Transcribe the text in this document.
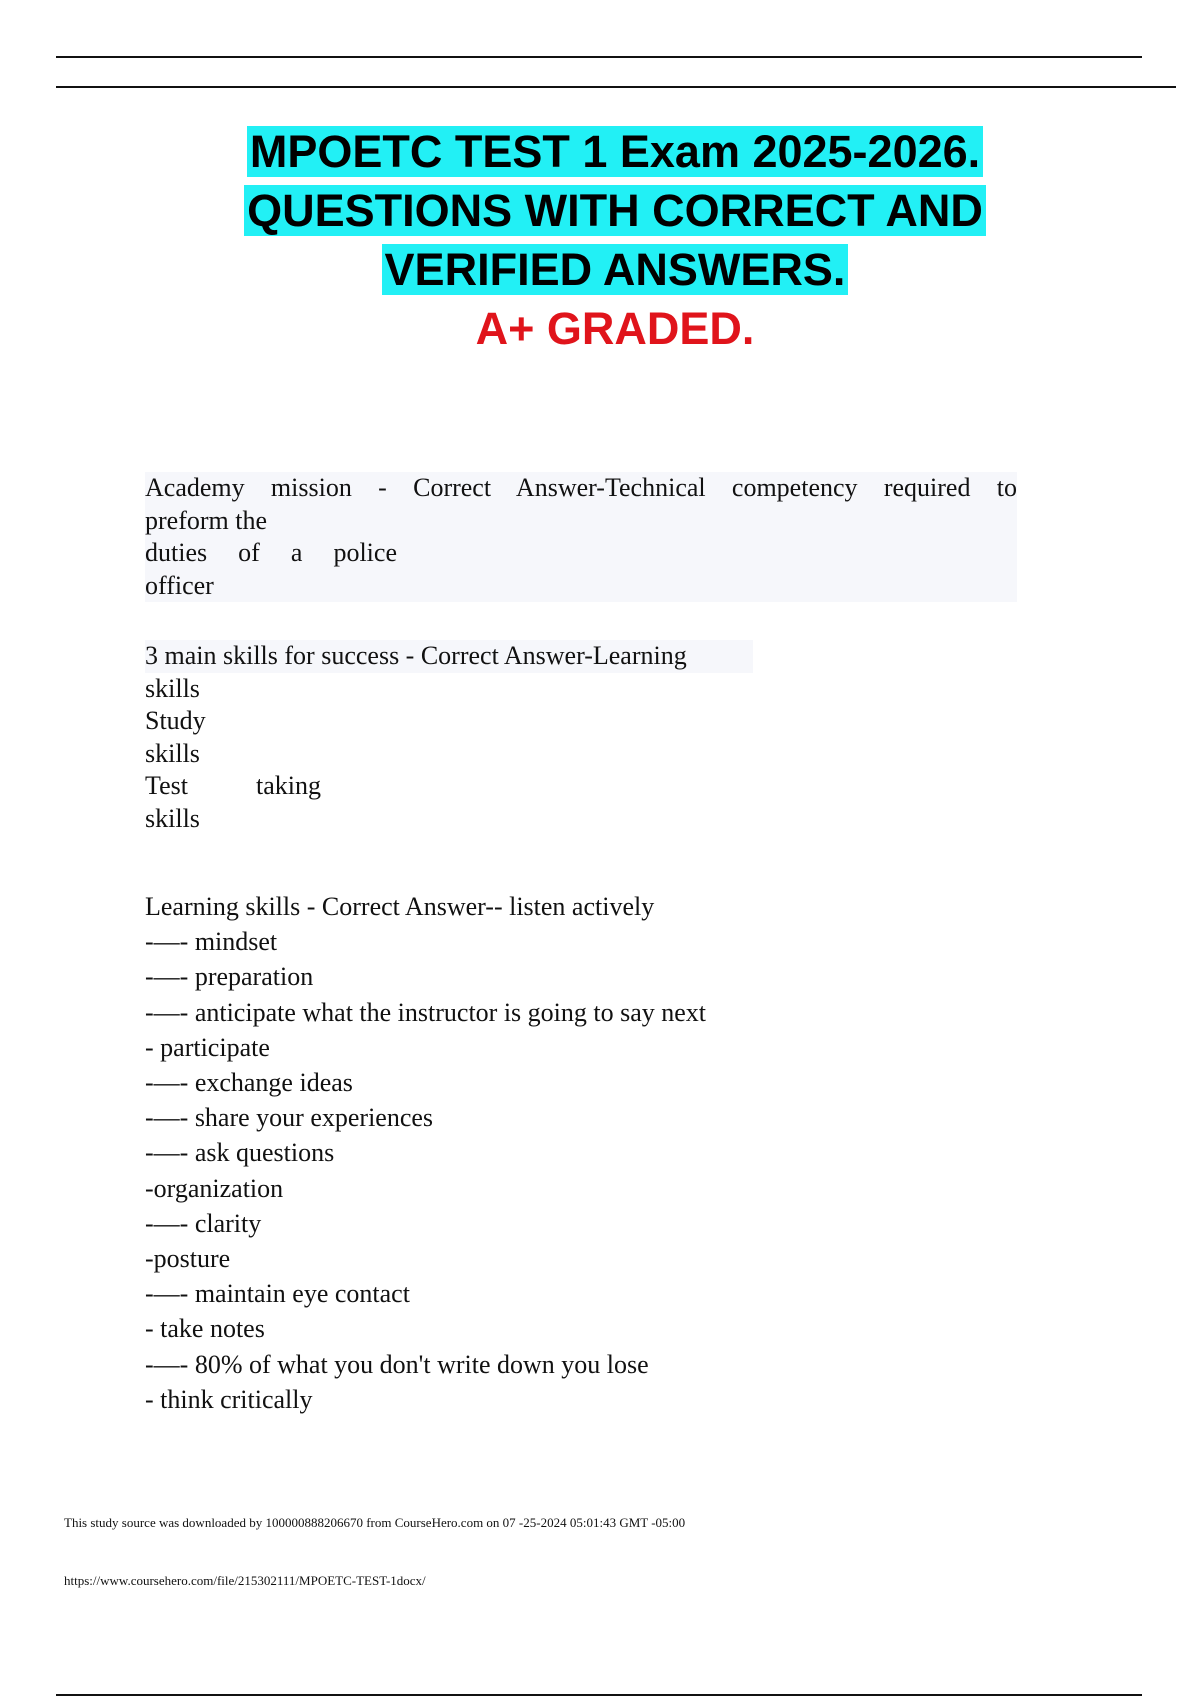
MPOETC TEST 1 Exam 2025-2026.
QUESTIONS WITH CORRECT AND
VERIFIED ANSWERS.
A+ GRADED.
Academy mission - Correct Answer-Technical competency required to
preform the
duties of a police
officer
3 main skills for success - Correct Answer-Learning
skills
Study
skills
Test taking
skills
Learning skills - Correct Answer-- listen actively
-—- mindset
-—- preparation
-—- anticipate what the instructor is going to say next
- participate
-—- exchange ideas
-—- share your experiences
-—- ask questions
-organization
-—- clarity
-posture
-—- maintain eye contact
- take notes
-—- 80% of what you don't write down you lose
- think critically
This study source was downloaded by 100000888206670 from CourseHero.com on 07 -25-2024 05:01:43 GMT -05:00
https://www.coursehero.com/file/215302111/MPOETC-TEST-1docx/
